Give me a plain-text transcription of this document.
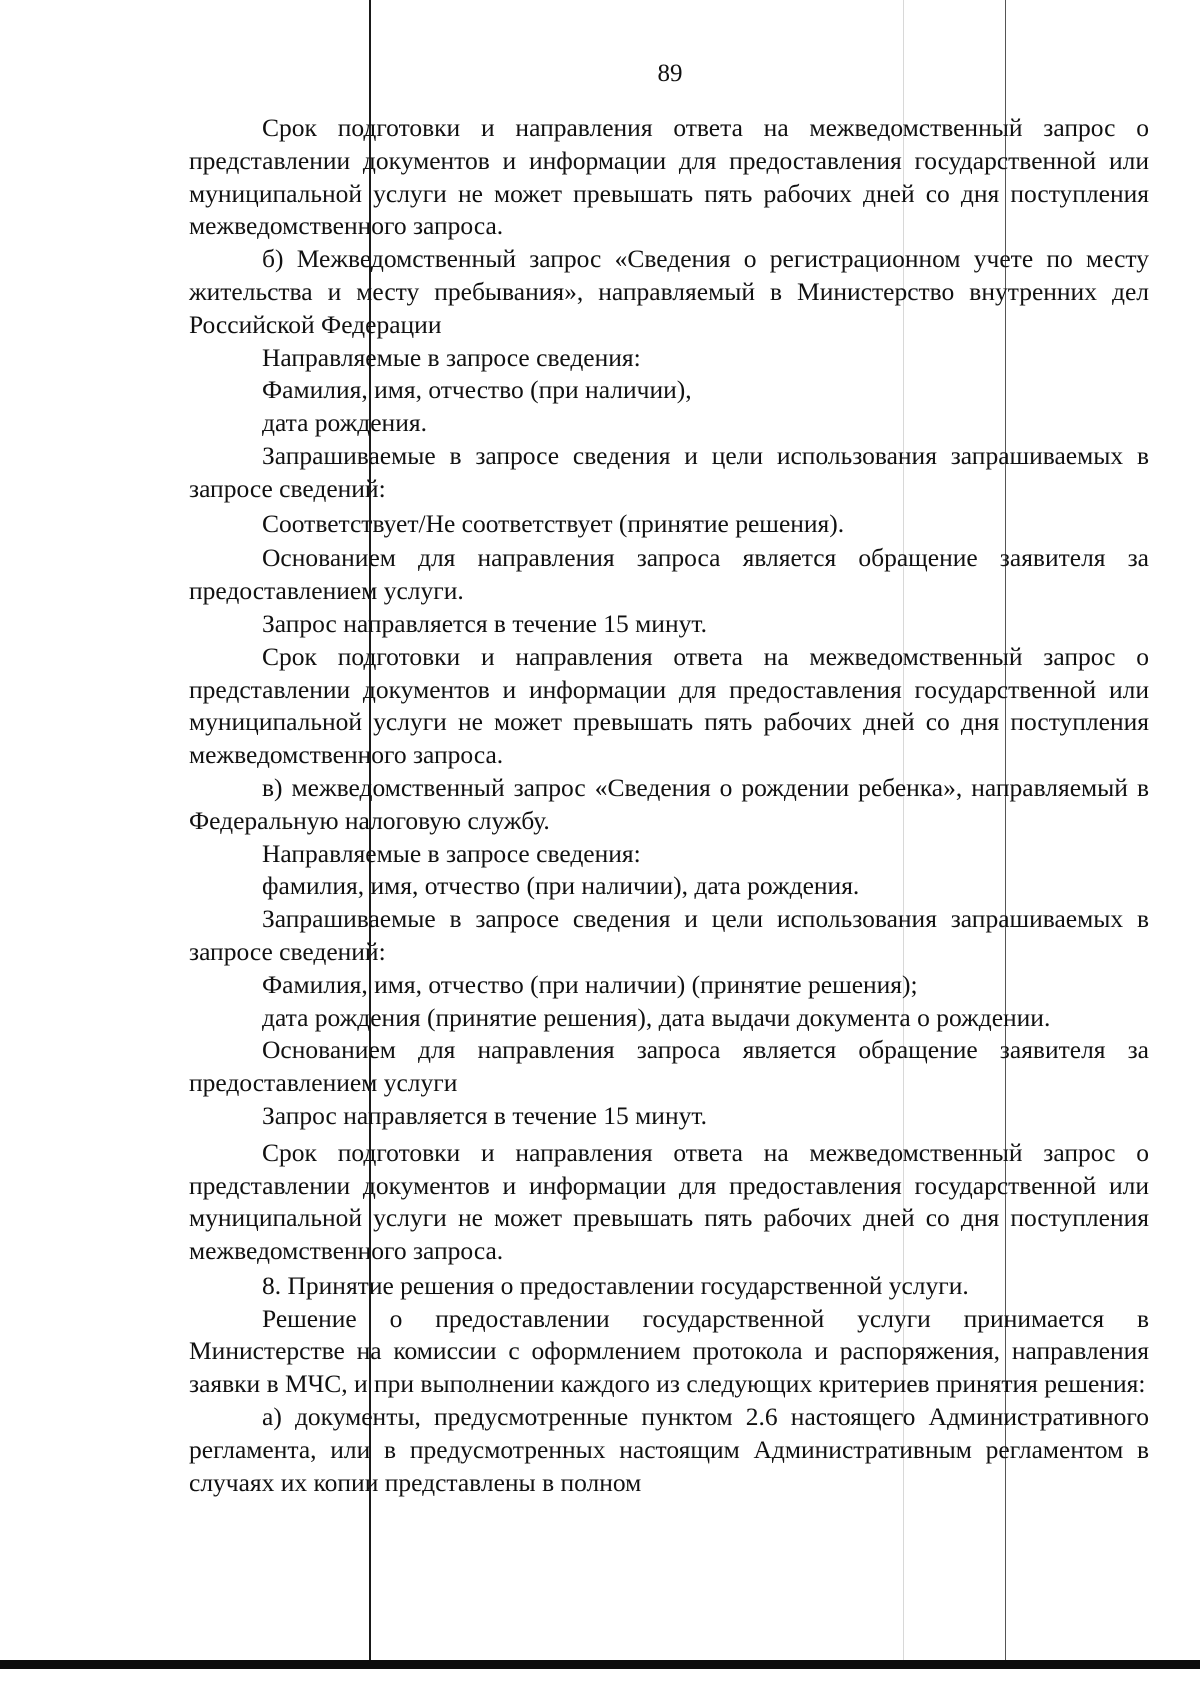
89

Срок подготовки и направления ответа на межведомственный запрос о представлении документов и информации для предоставления государственной или муниципальной услуги не может превышать пять рабочих дней со дня поступления межведомственного запроса.

б) Межведомственный запрос «Сведения о регистрационном учете по месту жительства и месту пребывания», направляемый в Министерство внутренних дел Российской Федерации

Направляемые в запросе сведения:

Фамилия, имя, отчество (при наличии),

дата рождения.

Запрашиваемые в запросе сведения и цели использования запрашиваемых в запросе сведений:

Соответствует/Не соответствует (принятие решения).

Основанием для направления запроса является обращение заявителя за предоставлением услуги.

Запрос направляется в течение 15 минут.

Срок подготовки и направления ответа на межведомственный запрос о представлении документов и информации для предоставления государственной или муниципальной услуги не может превышать пять рабочих дней со дня поступления межведомственного запроса.

в) межведомственный запрос «Сведения о рождении ребенка», направляемый в Федеральную налоговую службу.

Направляемые в запросе сведения:

фамилия, имя, отчество (при наличии), дата рождения.

Запрашиваемые в запросе сведения и цели использования запрашиваемых в запросе сведений:

Фамилия, имя, отчество (при наличии) (принятие решения);

дата рождения (принятие решения), дата выдачи документа о рождении.

Основанием для направления запроса является обращение заявителя за предоставлением услуги

Запрос направляется в течение 15 минут.

Срок подготовки и направления ответа на межведомственный запрос о представлении документов и информации для предоставления государственной или муниципальной услуги не может превышать пять рабочих дней со дня поступления межведомственного запроса.

8. Принятие решения о предоставлении государственной услуги.

Решение о предоставлении государственной услуги принимается в Министерстве на комиссии с оформлением протокола и распоряжения, направления заявки в МЧС, и при выполнении каждого из следующих критериев принятия решения:

а) документы, предусмотренные пунктом 2.6 настоящего Административного регламента, или в предусмотренных настоящим Административным регламентом в случаях их копии представлены в полном
